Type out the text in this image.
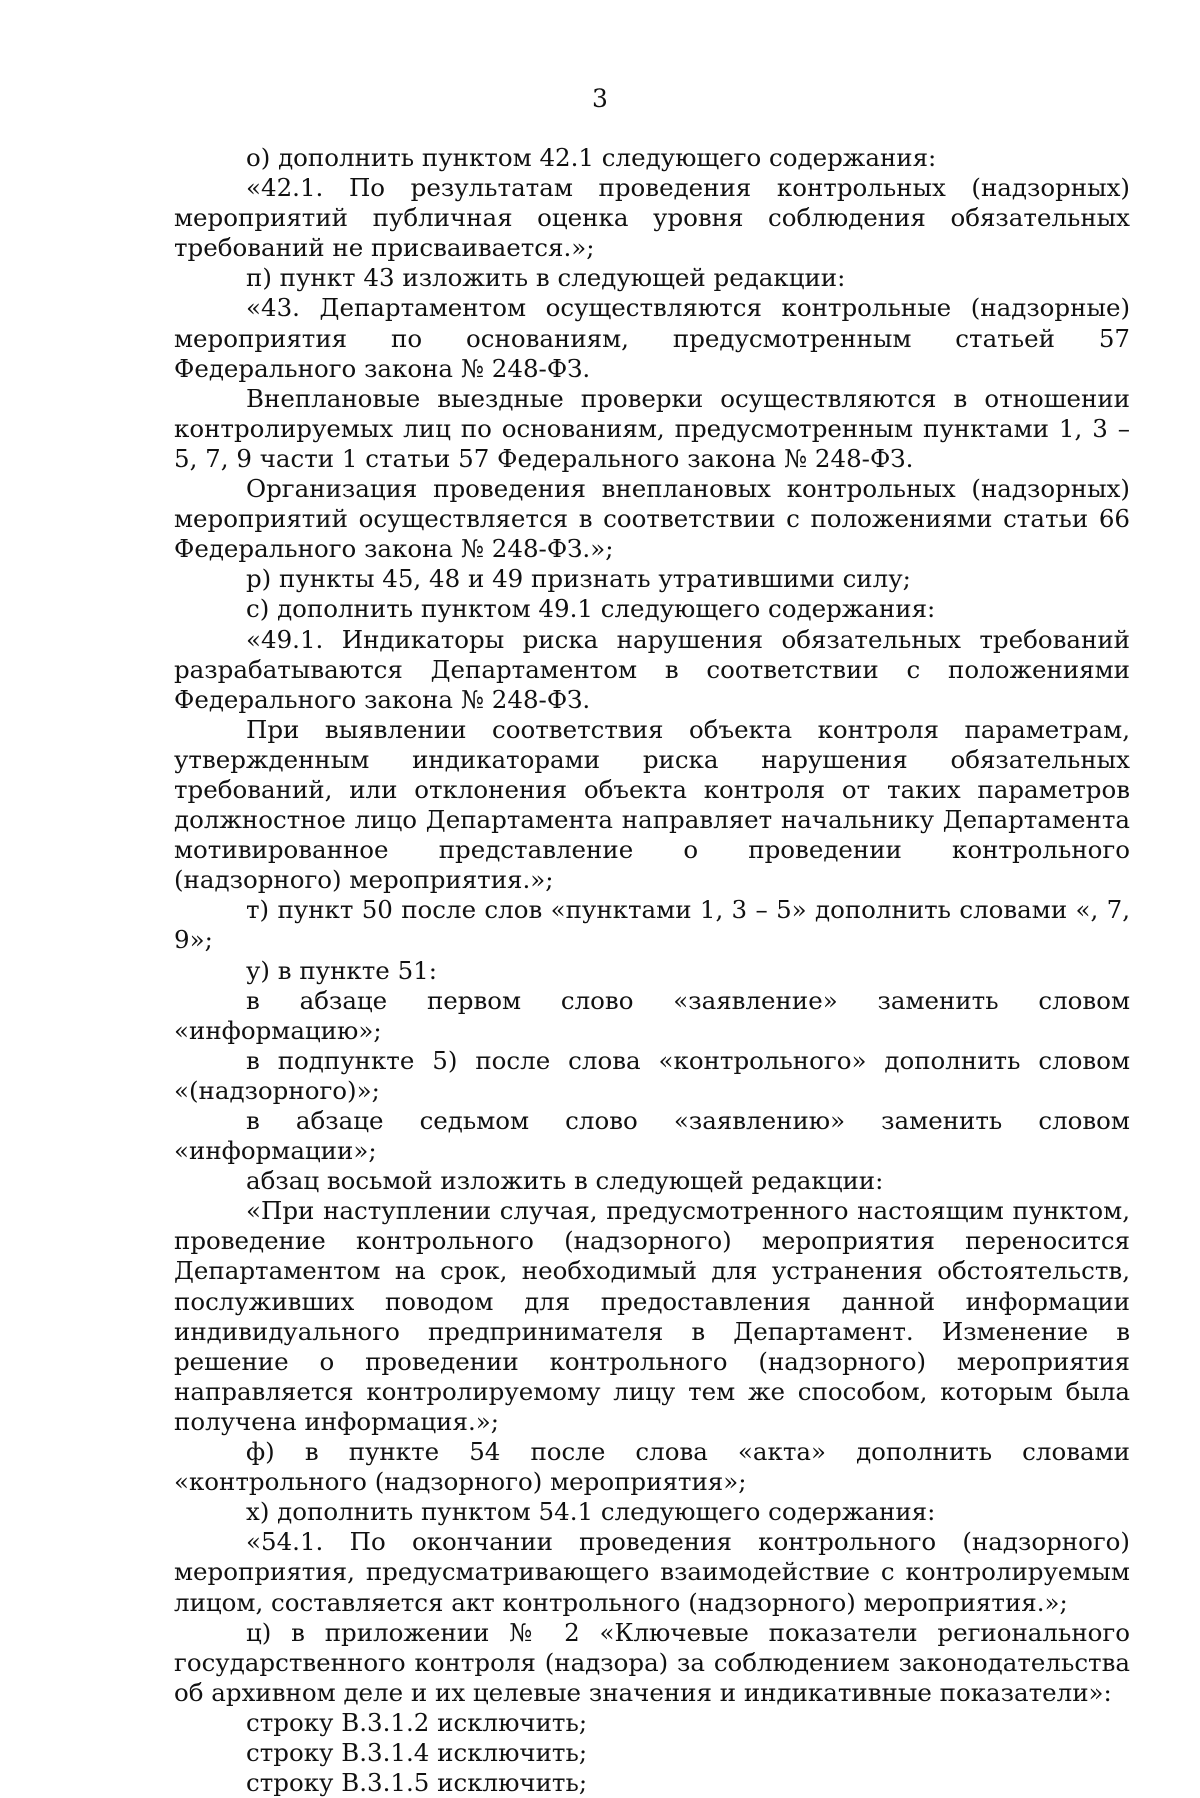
3

о) дополнить пунктом 42.1 следующего содержания:

«42.1. По результатам проведения контрольных (надзорных) мероприятий публичная оценка уровня соблюдения обязательных требований не присваивается.»;

п) пункт 43 изложить в следующей редакции:

«43. Департаментом осуществляются контрольные (надзорные) мероприятия по основаниям, предусмотренным статьей 57 Федерального закона № 248-ФЗ.

Внеплановые выездные проверки осуществляются в отношении контролируемых лиц по основаниям, предусмотренным пунктами 1, 3 – 5, 7, 9 части 1 статьи 57 Федерального закона № 248-ФЗ.

Организация проведения внеплановых контрольных (надзорных) мероприятий осуществляется в соответствии с положениями статьи 66 Федерального закона № 248-ФЗ.»;

р) пункты 45, 48 и 49 признать утратившими силу;

с) дополнить пунктом 49.1 следующего содержания:

«49.1. Индикаторы риска нарушения обязательных требований разрабатываются Департаментом в соответствии с положениями Федерального закона № 248-ФЗ.

При выявлении соответствия объекта контроля параметрам, утвержденным индикаторами риска нарушения обязательных требований, или отклонения объекта контроля от таких параметров должностное лицо Департамента направляет начальнику Департамента мотивированное представление о проведении контрольного (надзорного) мероприятия.»;

т) пункт 50 после слов «пунктами 1, 3 – 5» дополнить словами «, 7, 9»;

у) в пункте 51:

в абзаце первом слово «заявление» заменить словом «информацию»;

в подпункте 5) после слова «контрольного» дополнить словом «(надзорного)»;

в абзаце седьмом слово «заявлению» заменить словом «информации»;

абзац восьмой изложить в следующей редакции:

«При наступлении случая, предусмотренного настоящим пунктом, проведение контрольного (надзорного) мероприятия переносится Департаментом на срок, необходимый для устранения обстоятельств, послуживших поводом для предоставления данной информации индивидуального предпринимателя в Департамент. Изменение в решение о проведении контрольного (надзорного) мероприятия направляется контролируемому лицу тем же способом, которым была получена информация.»;

ф) в пункте 54 после слова «акта» дополнить словами «контрольного (надзорного) мероприятия»;

х) дополнить пунктом 54.1 следующего содержания:

«54.1. По окончании проведения контрольного (надзорного) мероприятия, предусматривающего взаимодействие с контролируемым лицом, составляется акт контрольного (надзорного) мероприятия.»;

ц) в приложении № 2 «Ключевые показатели регионального государственного контроля (надзора) за соблюдением законодательства об архивном деле и их целевые значения и индикативные показатели»:

строку В.3.1.2 исключить;

строку В.3.1.4 исключить;

строку В.3.1.5 исключить;
